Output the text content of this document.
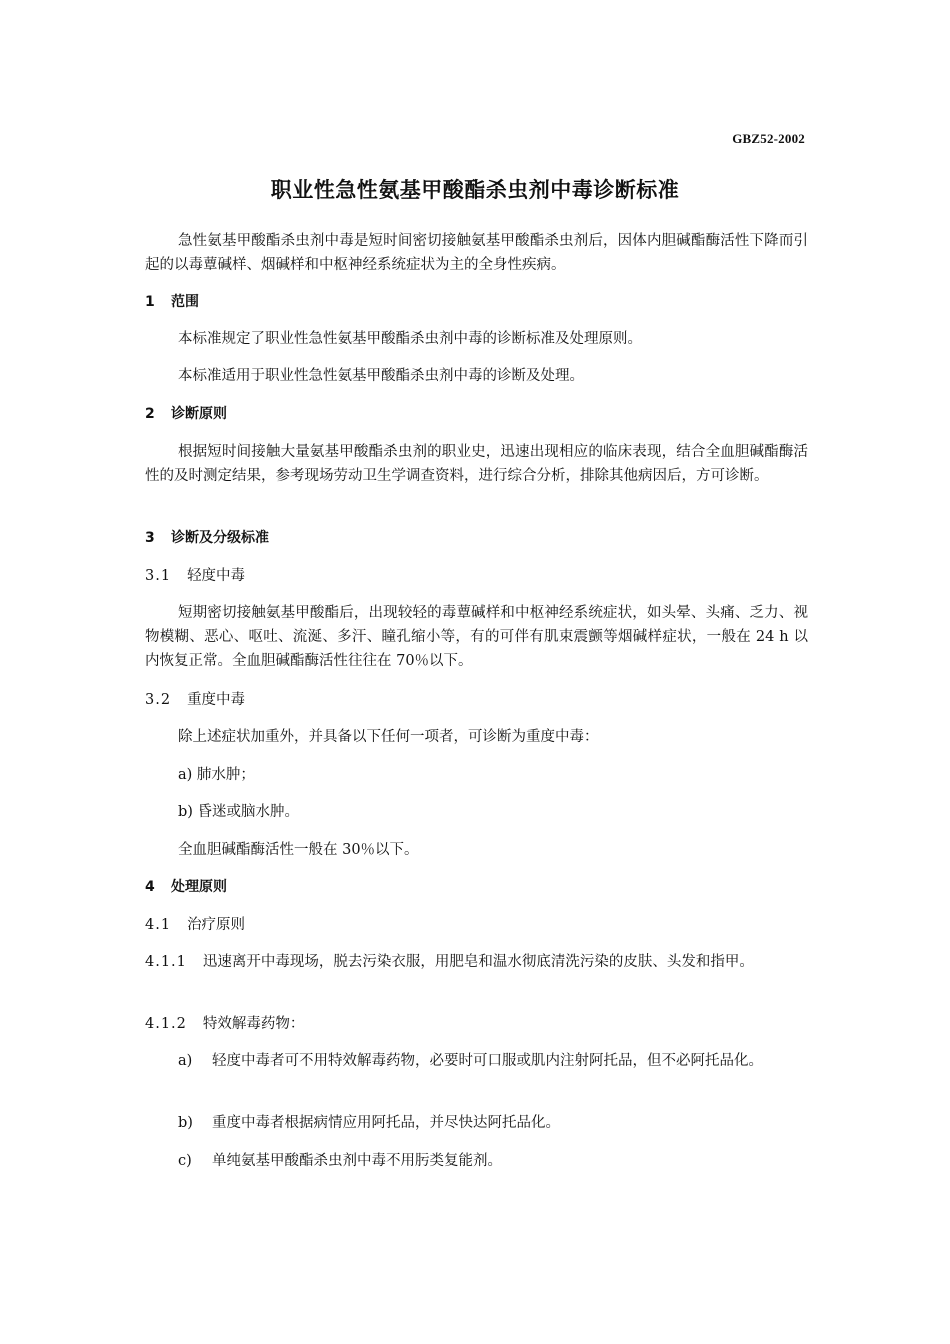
GBZ52-2002
职业性急性氨基甲酸酯杀虫剂中毒诊断标准
急性氨基甲酸酯杀虫剂中毒是短时间密切接触氨基甲酸酯杀虫剂后，因体内胆碱酯酶活性下降而引起的以毒蕈碱样、烟碱样和中枢神经系统症状为主的全身性疾病。
1 范围
本标准规定了职业性急性氨基甲酸酯杀虫剂中毒的诊断标准及处理原则。
本标准适用于职业性急性氨基甲酸酯杀虫剂中毒的诊断及处理。
2 诊断原则
根据短时间接触大量氨基甲酸酯杀虫剂的职业史，迅速出现相应的临床表现，结合全血胆碱酯酶活性的及时测定结果，参考现场劳动卫生学调查资料，进行综合分析，排除其他病因后，方可诊断。
3 诊断及分级标准
3.1 轻度中毒
短期密切接触氨基甲酸酯后，出现较轻的毒蕈碱样和中枢神经系统症状，如头晕、头痛、乏力、视物模糊、恶心、呕吐、流涎、多汗、瞳孔缩小等，有的可伴有肌束震颤等烟碱样症状，一般在 24 h 以内恢复正常。全血胆碱酯酶活性往往在 70％以下。
3.2 重度中毒
除上述症状加重外，并具备以下任何一项者，可诊断为重度中毒：
a) 肺水肿；
b) 昏迷或脑水肿。
全血胆碱酯酶活性一般在 30％以下。
4 处理原则
4.1 治疗原则
4.1.1 迅速离开中毒现场，脱去污染衣服，用肥皂和温水彻底清洗污染的皮肤、头发和指甲。
4.1.2 特效解毒药物：
a) 轻度中毒者可不用特效解毒药物，必要时可口服或肌内注射阿托品，但不必阿托品化。
b) 重度中毒者根据病情应用阿托品，并尽快达阿托品化。
c) 单纯氨基甲酸酯杀虫剂中毒不用肟类复能剂。
